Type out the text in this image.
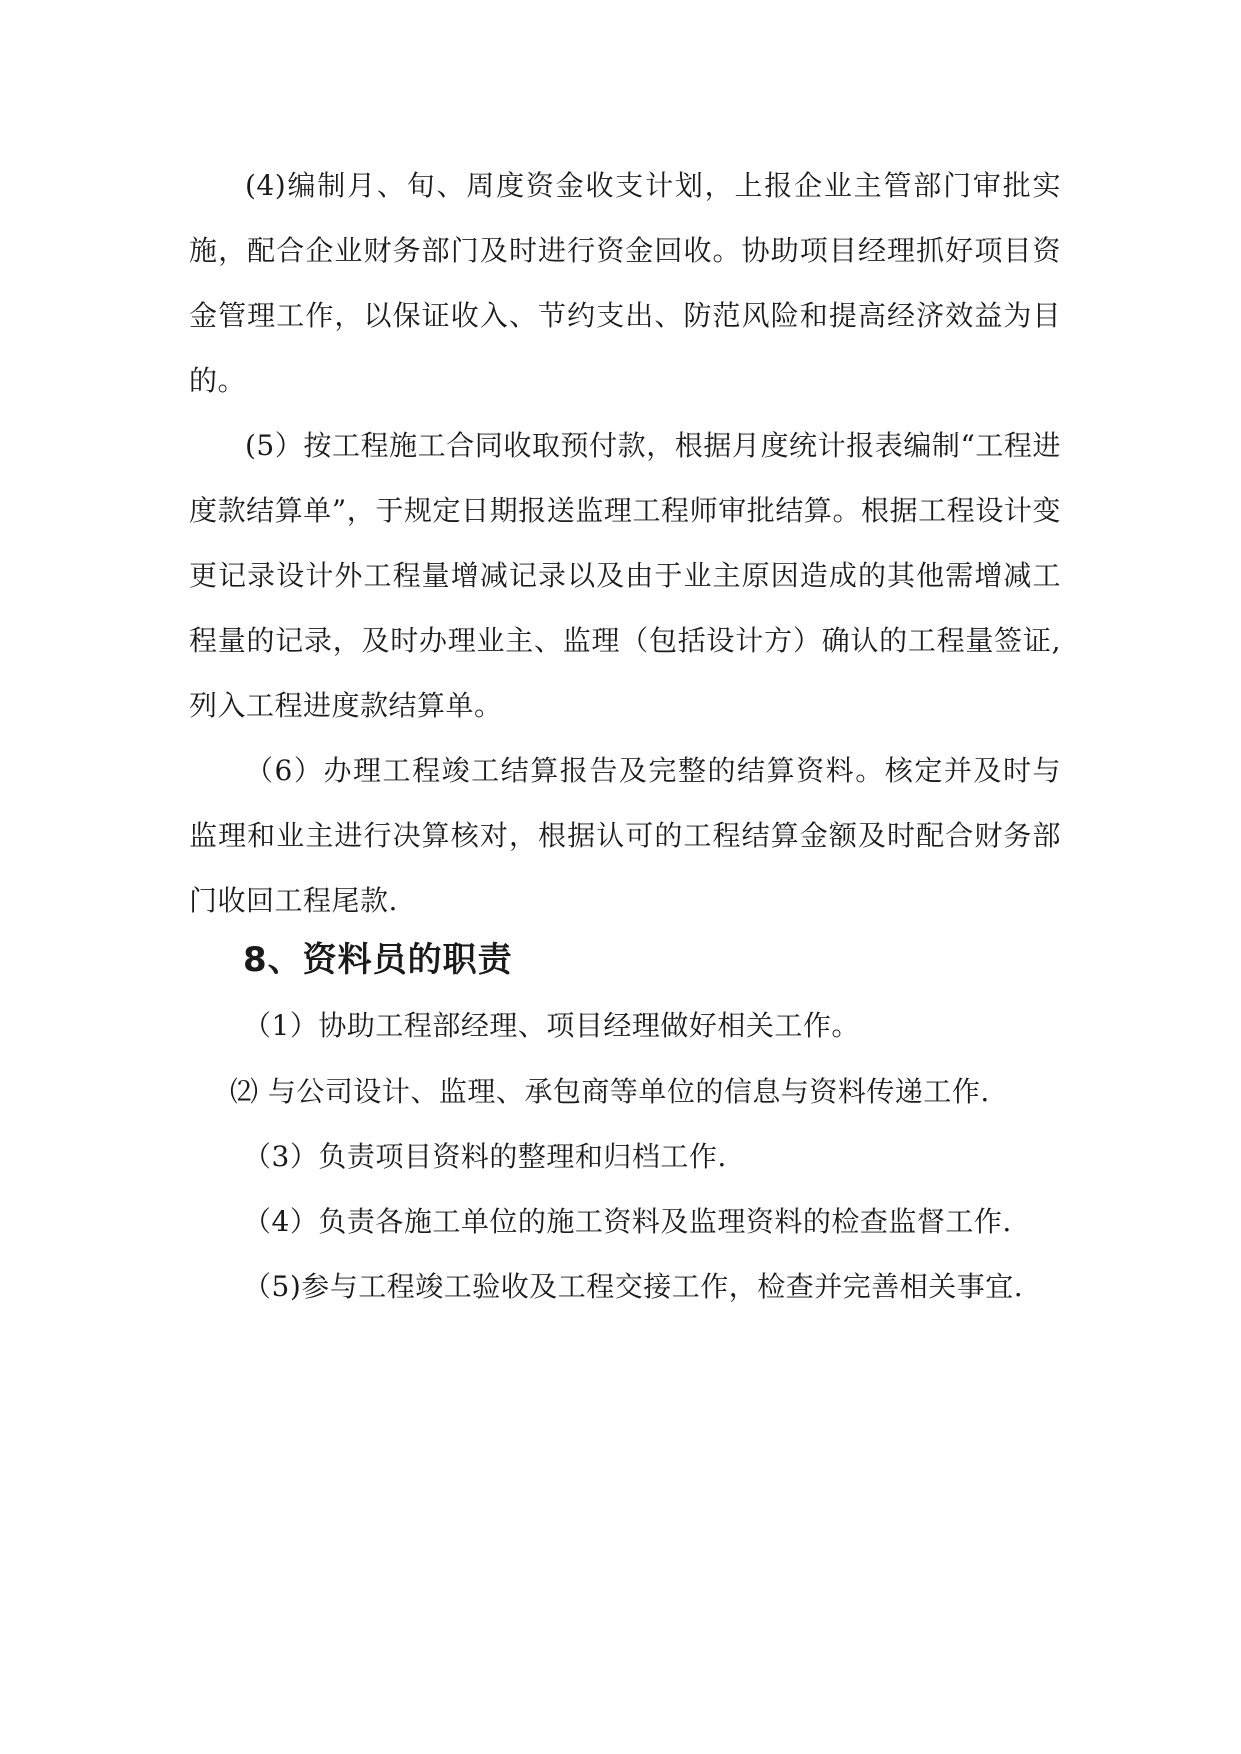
(4)编制月、旬、周度资金收支计划，上报企业主管部门审批实施，配合企业财务部门及时进行资金回收。协助项目经理抓好项目资金管理工作，以保证收入、节约支出、防范风险和提高经济效益为目的。

(5）按工程施工合同收取预付款，根据月度统计报表编制“工程进度款结算单”，于规定日期报送监理工程师审批结算。根据工程设计变更记录设计外工程量增减记录以及由于业主原因造成的其他需增减工程量的记录，及时办理业主、监理（包括设计方）确认的工程量签证,列入工程进度款结算单。

（6）办理工程竣工结算报告及完整的结算资料。核定并及时与监理和业主进行决算核对，根据认可的工程结算金额及时配合财务部门收回工程尾款.

8、资料员的职责

（1）协助工程部经理、项目经理做好相关工作。

⑵ 与公司设计、监理、承包商等单位的信息与资料传递工作.

（3）负责项目资料的整理和归档工作.

（4）负责各施工单位的施工资料及监理资料的检查监督工作.

（5)参与工程竣工验收及工程交接工作，检查并完善相关事宜.
